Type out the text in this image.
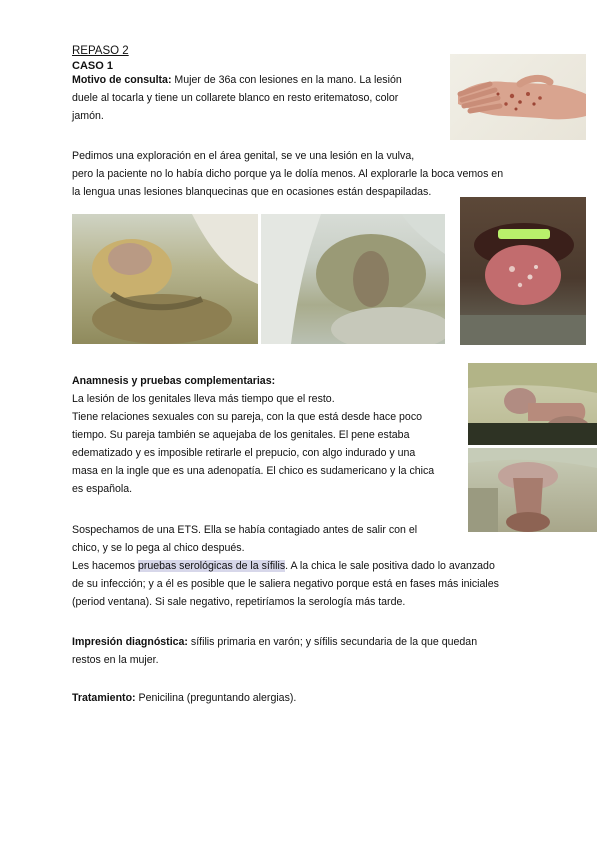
REPASO 2
CASO 1
Motivo de consulta: Mujer de 36a con lesiones en la mano. La lesión
duele al tocarla y tiene un collarete blanco en resto eritematoso, color
jamón.
Pedimos una exploración en el área genital, se ve una lesión en la vulva,
pero la paciente no lo había dicho porque ya le dolía menos. Al explorarle la boca vemos en
la lengua unas lesiones blanquecinas que en ocasiones están despapiladas.
Anamnesis y pruebas complementarias:
La lesión de los genitales lleva más tiempo que el resto.
Tiene relaciones sexuales con su pareja, con la que está desde hace poco
tiempo. Su pareja también se aquejaba de los genitales. El pene estaba
edematizado y es imposible retirarle el prepucio, con algo indurado y una
masa en la ingle que es una adenopatía. El chico es sudamericano y la chica
es española.
Sospechamos de una ETS. Ella se había contagiado antes de salir con el
chico, y se lo pega al chico después.
Les hacemos pruebas serológicas de la sífilis. A la chica le sale positiva dado lo avanzado
de su infección; y a él es posible que le saliera negativo porque está en fases más iniciales
(period ventana). Si sale negativo, repetiríamos la serología más tarde.
Impresión diagnóstica: sífilis primaria en varón; y sífilis secundaria de la que quedan
restos en la mujer.
Tratamiento: Penicilina (preguntando alergias).
